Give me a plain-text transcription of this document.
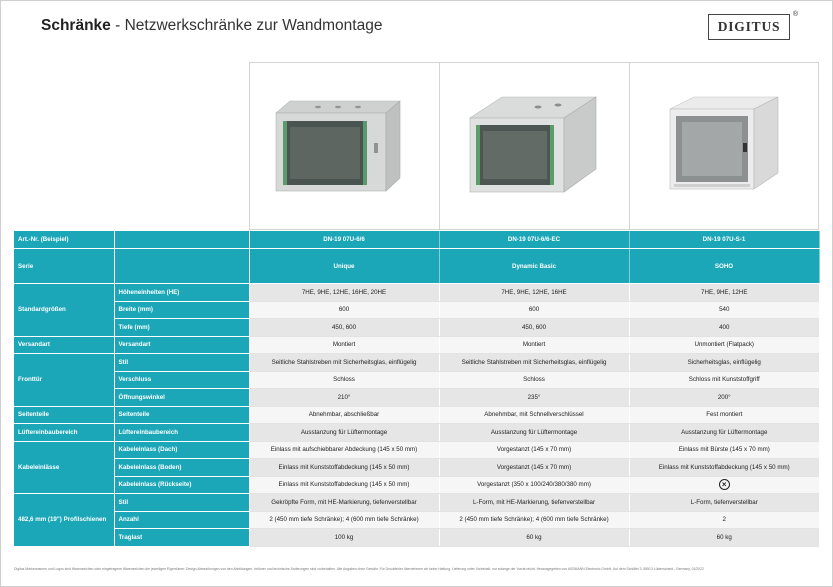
Schränke - Netzwerkschränke zur Wandmontage	DIGITUS
®
Art.-Nr. (Beispiel)		DN-19 07U-6/6	DN-19 07U-6/6-EC	DN-19 07U-S-1
Serie		Unique	Dynamic Basic	SOHO
Standardgrößen	Höheneinheiten (HE)	7HE, 9HE, 12HE, 16HE, 20HE	7HE, 9HE, 12HE, 16HE	7HE, 9HE, 12HE
	Breite (mm)	600	600	540
	Tiefe (mm)	450, 600	450, 600	400
Versandart	Versandart	Montiert	Montiert	Unmontiert (Flatpack)
Fronttür	Stil	Seitliche Stahlstreben mit Sicherheitsglas, einflügelig	Seitliche Stahlstreben mit Sicherheitsglas, einflügelig	Sicherheitsglas, einflügelig
	Verschluss	Schloss	Schloss	Schloss mit Kunststoffgriff
	Öffnungswinkel	210°	235°	200°
Seitenteile	Seitenteile	Abnehmbar, abschließbar	Abnehmbar, mit Schnellverschlüssel	Fest montiert
Lüftereinbaubereich	Lüftereinbaubereich	Ausstanzung für Lüftermontage	Ausstanzung für Lüftermontage	Ausstanzung für Lüftermontage
Kabeleinlässe	Kabeleinlass (Dach)	Einlass mit aufschiebbarer Abdeckung (145 x 50 mm)	Vorgestanzt (145 x 70 mm)	Einlass mit Bürste (145 x 70 mm)
	Kabeleinlass (Boden)	Einlass mit Kunststoffabdeckung (145 x 50 mm)	Vorgestanzt (145 x 70 mm)	Einlass mit Kunststoffabdeckung (145 x 50 mm)
	Kabeleinlass (Rückseite)	Einlass mit Kunststoffabdeckung (145 x 50 mm)	Vorgestanzt (350 x 100/240/380/380 mm)	×
482,6 mm (19") Profilschienen	Stil	Gekröpfte Form, mit HE-Markierung, tiefenverstellbar	L-Form, mit HE-Markierung, tiefenverstellbar	L-Form, tiefenverstellbar
	Anzahl	2 (450 mm tiefe Schränke); 4 (600 mm tiefe Schränke)	2 (450 mm tiefe Schränke); 4 (600 mm tiefe Schränke)	2
	Traglast	100 kg	60 kg	60 kg
Digitus Markennamen und Logos sind Warenzeichen oder eingetragene Warenzeichen der jeweiligen Eigentümer. Design Abweichungen von den Abbildungen, Irrtümer und technische Änderungen sind vorbehalten. Alle Angaben ohne Gewähr. Für Druckfehler übernehmen wir keine Haftung. Lieferung unter Vorbehalt, nur solange der Vorrat reicht. Herausgegeben von ASSMANN Electronic GmbH, Auf dem Schüffel 3, 58513 Lüdenscheid - Germany, 01/2022
